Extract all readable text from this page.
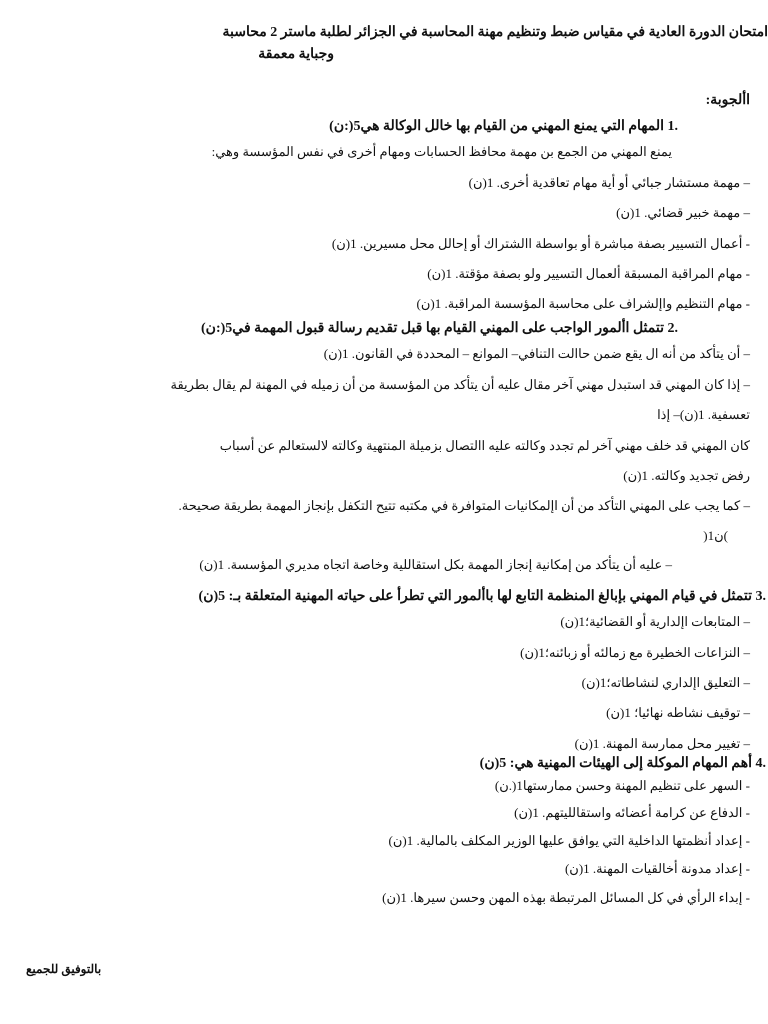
امتحان الدورة العادية في مقياس ضبط وتنظيم مهنة المحاسبة في الجزائر لطلبة ماستر 2 محاسبة
وجباية معمقة
األجوبة:
.1 المهام التي يمنع المهني من القيام بها خالل الوكالة هي5(:ن)
يمنع المهني من الجمع بن مهمة محافظ الحسابات ومهام أخرى في نفس المؤسسة وهي:
– مهمة مستشار جبائي أو أية مهام تعاقدية أخرى. 1(ن)
– مهمة خبير قضائي. 1(ن)
- أعمال التسيير بصفة مباشرة أو بواسطة االشتراك أو إحالل محل مسيرين. 1(ن)
- مهام المراقبة المسبقة ألعمال التسيير ولو بصفة مؤقتة. 1(ن)
- مهام التنظيم واإلشراف على محاسبة المؤسسة المراقبة. 1(ن)
.2 تتمثل األمور الواجب على المهني القيام بها قبل تقديم رسالة قبول المهمة في5(:ن)
– أن يتأكد من أنه ال يقع ضمن حاالت التنافي– الموانع – المحددة في القانون. 1(ن)
– إذا كان المهني قد استبدل مهني آخر مقال عليه أن يتأكد من المؤسسة من أن زميله في المهنة لم يقال بطريقة
تعسفية. 1(ن)– إذا
كان المهني قد خلف مهني آخر لم تجدد وكالته عليه االتصال بزميلة المنتهية وكالته لالستعالم عن أسباب
رفض تجديد وكالته. 1(ن)
– كما يجب على المهني التأكد من أن اإلمكانيات المتوافرة في مكتبه تتيح التكفل بإنجاز المهمة بطريقة صحيحة.
)ن1(
– عليه أن يتأكد من إمكانية إنجاز المهمة بكل استقاللية وخاصة اتجاه مديري المؤسسة. 1(ن)
.3 تتمثل في قيام المهني بإبالغ المنظمة التابع لها باألمور التي تطرأ على حياته المهنية المتعلقة بـ: 5(ن)
– المتابعات اإلدارية أو القضائية؛1(ن)
– النزاعات الخطيرة مع زمالئه أو زبائنه؛1(ن)
– التعليق اإلداري لنشاطاته؛1(ن)
– توقيف نشاطه نهائيا؛ 1(ن)
– تغيير محل ممارسة المهنة. 1(ن)
.4 أهم المهام الموكلة إلى الهيئات المهنية هي: 5(ن)
- السهر على تنظيم المهنة وحسن ممارستها1(.ن)
- الدفاع عن كرامة أعضائه واستقالليتهم. 1(ن)
- إعداد أنظمتها الداخلية التي يوافق عليها الوزير المكلف بالمالية. 1(ن)
- إعداد مدونة أخالقيات المهنة. 1(ن)
- إبداء الرأي في كل المسائل المرتبطة بهذه المهن وحسن سيرها. 1(ن)
بالتوفيق للجميع
